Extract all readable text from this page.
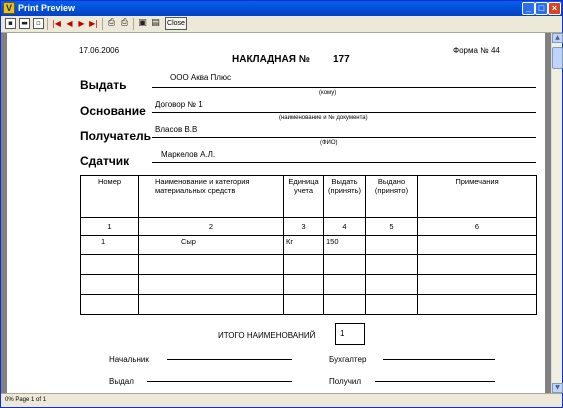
V Print Preview	_ □ ×
▪	▬	▫	|◀ ◀ ▶ ▶| ⎙ ⎙ ▣ ▤ Close
17.06.2006
НАКЛАДНАЯ № 177
Форма № 44
Выдать
ООО Аква Плюс
(кому)
Основание Договор № 1
(наименование и № документа)
Получатель Власов В.В
(ФИО)
Сдатчик	Маркелов А.Л.
Номер	Наименование и категория материальных средств	Единица учета	Выдать (принять)	Выдано (принято)	Примечания
1	2	3	4	5	6
1	Сыр	Кг	150		

ИТОГО НАИМЕНОВАНИЙ	1
Начальник	Бухгалтер
Выдал	Получил
▲
▼
0% Page 1 of 1
